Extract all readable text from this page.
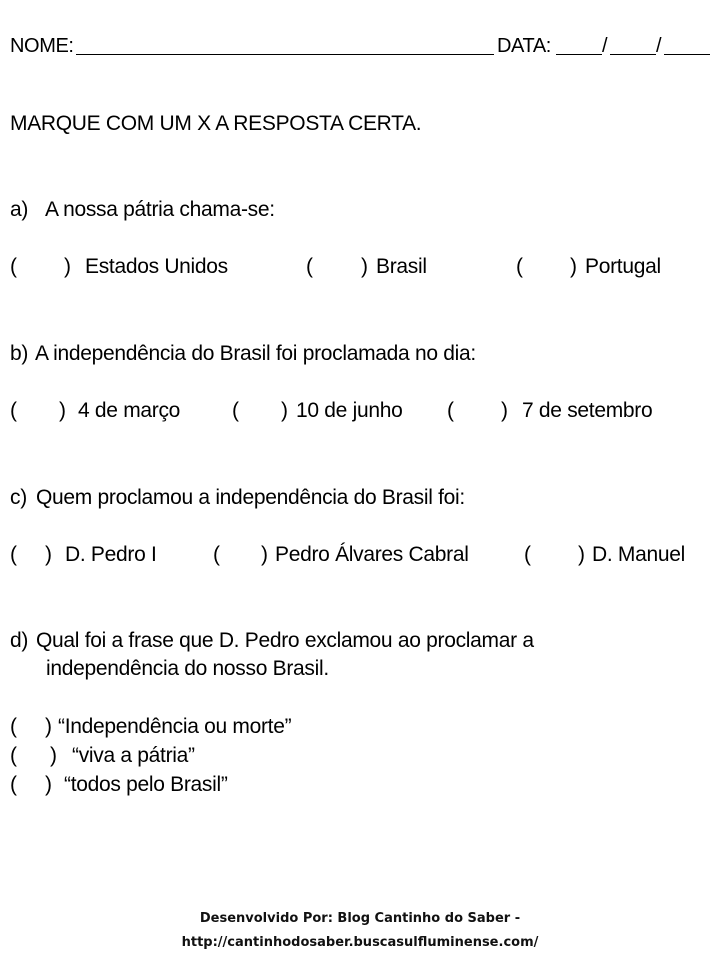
NOME:	DATA:	/ /
MARQUE COM UM X A RESPOSTA CERTA.
a) A nossa pátria chama-se:
( ) Estados Unidos	( ) Brasil	( ) Portugal
b) A independência do Brasil foi proclamada no dia:
( ) 4 de março ( ) 10 de junho ( ) 7 de setembro
c) Quem proclamou a independência do Brasil foi:
( ) D. Pedro I	( ) Pedro Álvares Cabral	( ) D. Manuel
d) Qual foi a frase que D. Pedro exclamou ao proclamar a
independência do nosso Brasil.
( ) “Independência ou morte”
( ) “viva a pátria”
( ) “todos pelo Brasil”
Desenvolvido Por: Blog Cantinho do Saber -
http://cantinhodosaber.buscasulfluminense.com/
